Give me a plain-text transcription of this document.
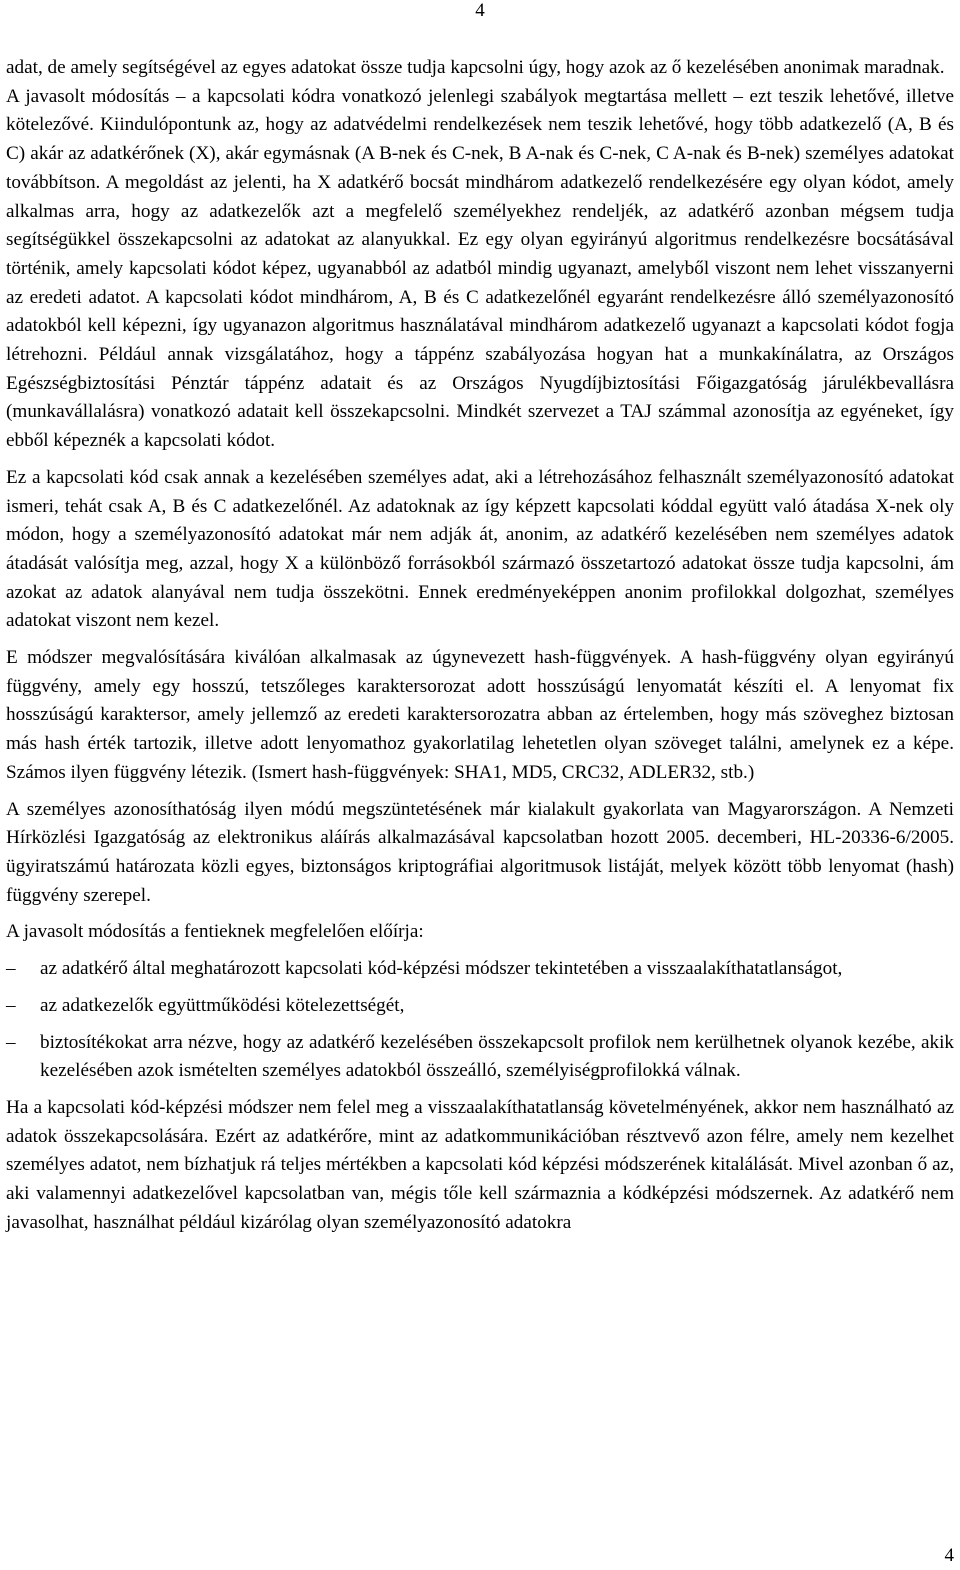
4

adat, de amely segítségével az egyes adatokat össze tudja kapcsolni úgy, hogy azok az ő kezelésében anonimak maradnak.

A javasolt módosítás – a kapcsolati kódra vonatkozó jelenlegi szabályok megtartása mellett – ezt teszik lehetővé, illetve kötelezővé. Kiindulópontunk az, hogy az adatvédelmi rendelkezések nem teszik lehetővé, hogy több adatkezelő (A, B és C) akár az adatkérőnek (X), akár egymásnak (A B-nek és C-nek, B A-nak és C-nek, C A-nak és B-nek) személyes adatokat továbbítson. A megoldást az jelenti, ha X adatkérő bocsát mindhárom adatkezelő rendelkezésére egy olyan kódot, amely alkalmas arra, hogy az adatkezelők azt a megfelelő személyekhez rendeljék, az adatkérő azonban mégsem tudja segítségükkel összekapcsolni az adatokat az alanyukkal. Ez egy olyan egyirányú algoritmus rendelkezésre bocsátásával történik, amely kapcsolati kódot képez, ugyanabból az adatból mindig ugyanazt, amelyből viszont nem lehet visszanyerni az eredeti adatot. A kapcsolati kódot mindhárom, A, B és C adatkezelőnél egyaránt rendelkezésre álló személyazonosító adatokból kell képezni, így ugyanazon algoritmus használatával mindhárom adatkezelő ugyanazt a kapcsolati kódot fogja létrehozni. Például annak vizsgálatához, hogy a táppénz szabályozása hogyan hat a munkakínálatra, az Országos Egészségbiztosítási Pénztár táppénz adatait és az Országos Nyugdíjbiztosítási Főigazgatóság járulékbevallásra (munkavállalásra) vonatkozó adatait kell összekapcsolni. Mindkét szervezet a TAJ számmal azonosítja az egyéneket, így ebből képeznék a kapcsolati kódot.

Ez a kapcsolati kód csak annak a kezelésében személyes adat, aki a létrehozásához felhasznált személyazonosító adatokat ismeri, tehát csak A, B és C adatkezelőnél. Az adatoknak az így képzett kapcsolati kóddal együtt való átadása X-nek oly módon, hogy a személyazonosító adatokat már nem adják át, anonim, az adatkérő kezelésében nem személyes adatok átadását valósítja meg, azzal, hogy X a különböző forrásokból származó összetartozó adatokat össze tudja kapcsolni, ám azokat az adatok alanyával nem tudja összekötni. Ennek eredményeképpen anonim profilokkal dolgozhat, személyes adatokat viszont nem kezel.

E módszer megvalósítására kiválóan alkalmasak az úgynevezett hash-függvények. A hash-függvény olyan egyirányú függvény, amely egy hosszú, tetszőleges karaktersorozat adott hosszúságú lenyomatát készíti el. A lenyomat fix hosszúságú karaktersor, amely jellemző az eredeti karaktersorozatra abban az értelemben, hogy más szöveghez biztosan más hash érték tartozik, illetve adott lenyomathoz gyakorlatilag lehetetlen olyan szöveget találni, amelynek ez a képe. Számos ilyen függvény létezik. (Ismert hash-függvények: SHA1, MD5, CRC32, ADLER32, stb.)

A személyes azonosíthatóság ilyen módú megszüntetésének már kialakult gyakorlata van Magyarországon. A Nemzeti Hírközlési Igazgatóság az elektronikus aláírás alkalmazásával kapcsolatban hozott 2005. decemberi, HL-20336-6/2005. ügyiratszámú határozata közli egyes, biztonságos kriptográfiai algoritmusok listáját, melyek között több lenyomat (hash) függvény szerepel.

A javasolt módosítás a fentieknek megfelelően előírja:

–	az adatkérő által meghatározott kapcsolati kód-képzési módszer tekintetében a visszaalakíthatatlanságot,
–	az adatkezelők együttműködési kötelezettségét,
–	biztosítékokat arra nézve, hogy az adatkérő kezelésében összekapcsolt profilok nem kerülhetnek olyanok kezébe, akik kezelésében azok ismételten személyes adatokból összeálló, személyiségprofilokká válnak.

Ha a kapcsolati kód-képzési módszer nem felel meg a visszaalakíthatatlanság követelményének, akkor nem használható az adatok összekapcsolására. Ezért az adatkérőre, mint az adatkommunikációban résztvevő azon félre, amely nem kezelhet személyes adatot, nem bízhatjuk rá teljes mértékben a kapcsolati kód képzési módszerének kitalálását. Mivel azonban ő az, aki valamennyi adatkezelővel kapcsolatban van, mégis tőle kell származnia a kódképzési módszernek. Az adatkérő nem javasolhat, használhat például kizárólag olyan személyazonosító adatokra

4
